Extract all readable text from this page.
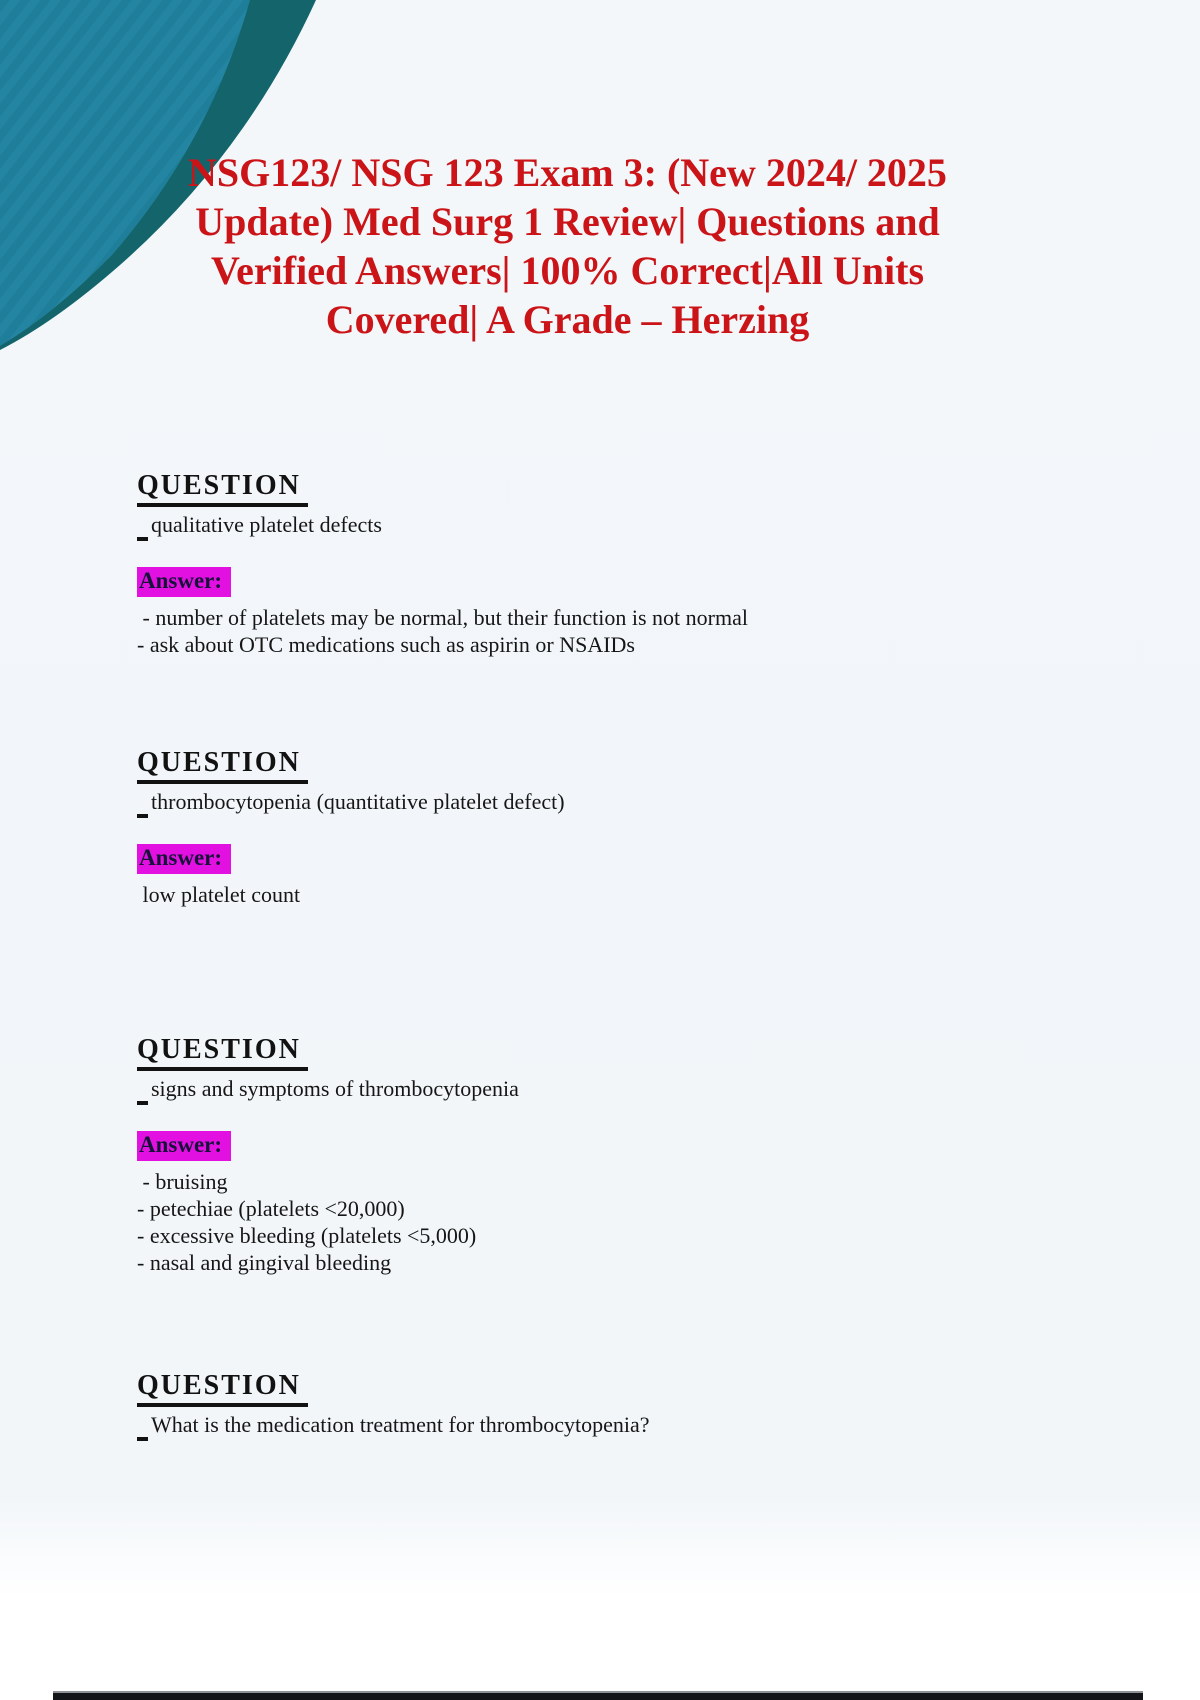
NSG123/ NSG 123 Exam 3: (New 2024/ 2025
Update) Med Surg 1 Review| Questions and
Verified Answers| 100% Correct|All Units
Covered| A Grade – Herzing
QUESTION
qualitative platelet defects
Answer:
- number of platelets may be normal, but their function is not normal
- ask about OTC medications such as aspirin or NSAIDs
QUESTION
thrombocytopenia (quantitative platelet defect)
Answer:
low platelet count
QUESTION
signs and symptoms of thrombocytopenia
Answer:
- bruising
- petechiae (platelets <20,000)
- excessive bleeding (platelets <5,000)
- nasal and gingival bleeding
QUESTION
What is the medication treatment for thrombocytopenia?
